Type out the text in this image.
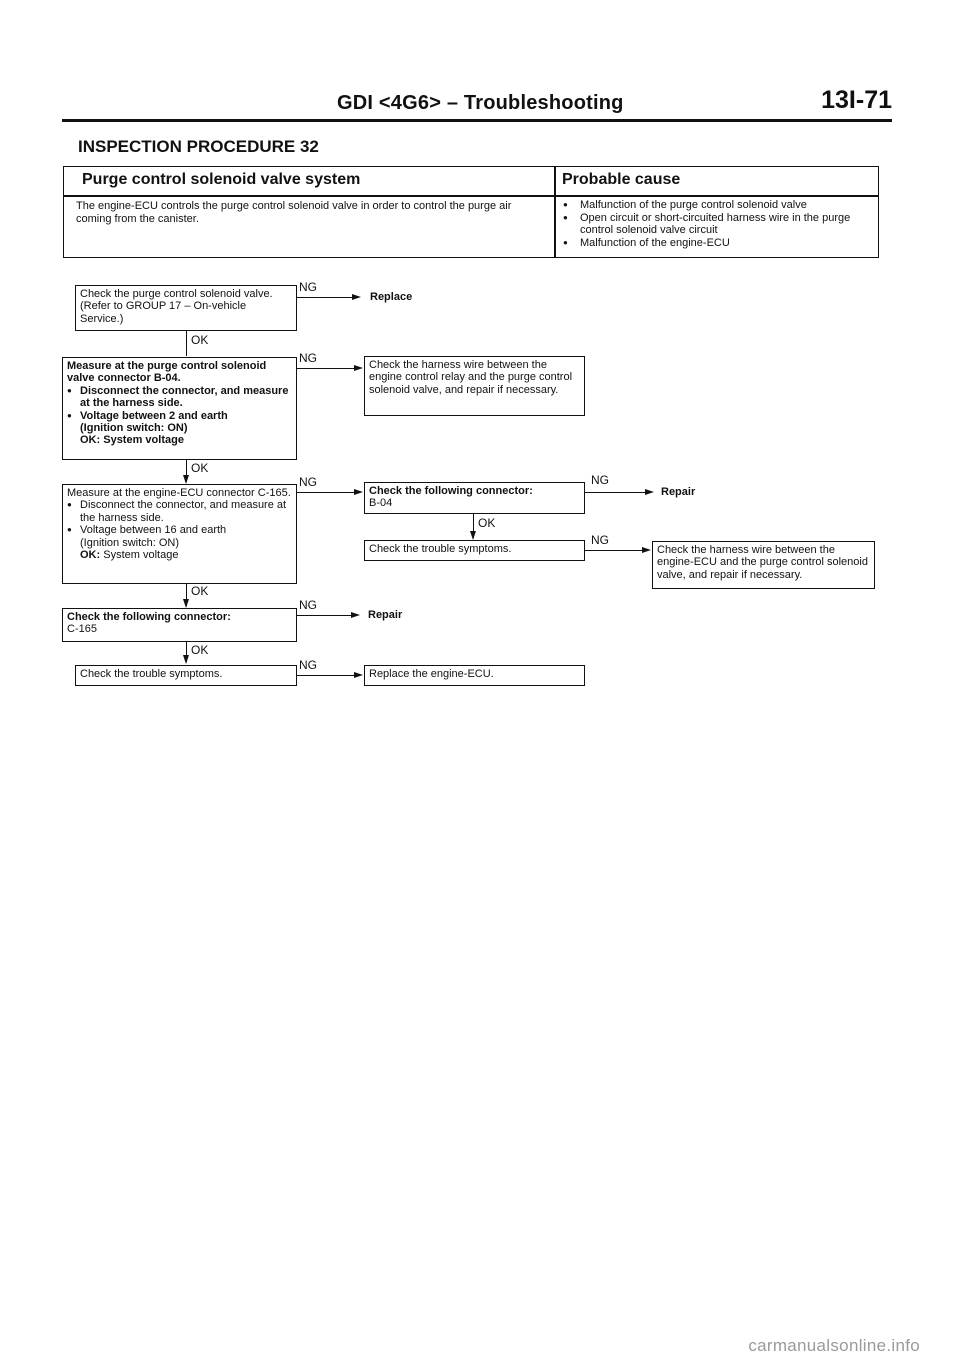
GDI <4G6> – Troubleshooting	13I-71
INSPECTION PROCEDURE 32
Purge control solenoid valve system	Probable cause
The engine-ECU controls the purge control solenoid valve in order to control the purge air coming from the canister.
● Malfunction of the purge control solenoid valve
● Open circuit or short-circuited harness wire in the purge control solenoid valve circuit
● Malfunction of the engine-ECU
Check the purge control solenoid valve.
(Refer to GROUP 17 – On-vehicle Service.)
NG
Replace
OK
Measure at the purge control solenoid valve connector B-04.
● Disconnect the connector, and measure at the harness side.
● Voltage between 2 and earth
(Ignition switch: ON)
OK: System voltage
NG	Check the harness wire between the engine control relay and the purge control solenoid valve, and repair if necessary.
OK
Measure at the engine-ECU connector C-165.
● Disconnect the connector, and measure at the harness side.
● Voltage between 16 and earth
(Ignition switch: ON)
OK: System voltage
NG
Check the following connector:
B-04
NG
Repair
OK
Check the trouble symptoms.
NG
Check the harness wire between the engine-ECU and the purge control solenoid valve, and repair if necessary.
OK
Check the following connector:
C-165
NG
Repair
OK
Check the trouble symptoms.
NG
Replace the engine-ECU.
carmanualsonline.info
